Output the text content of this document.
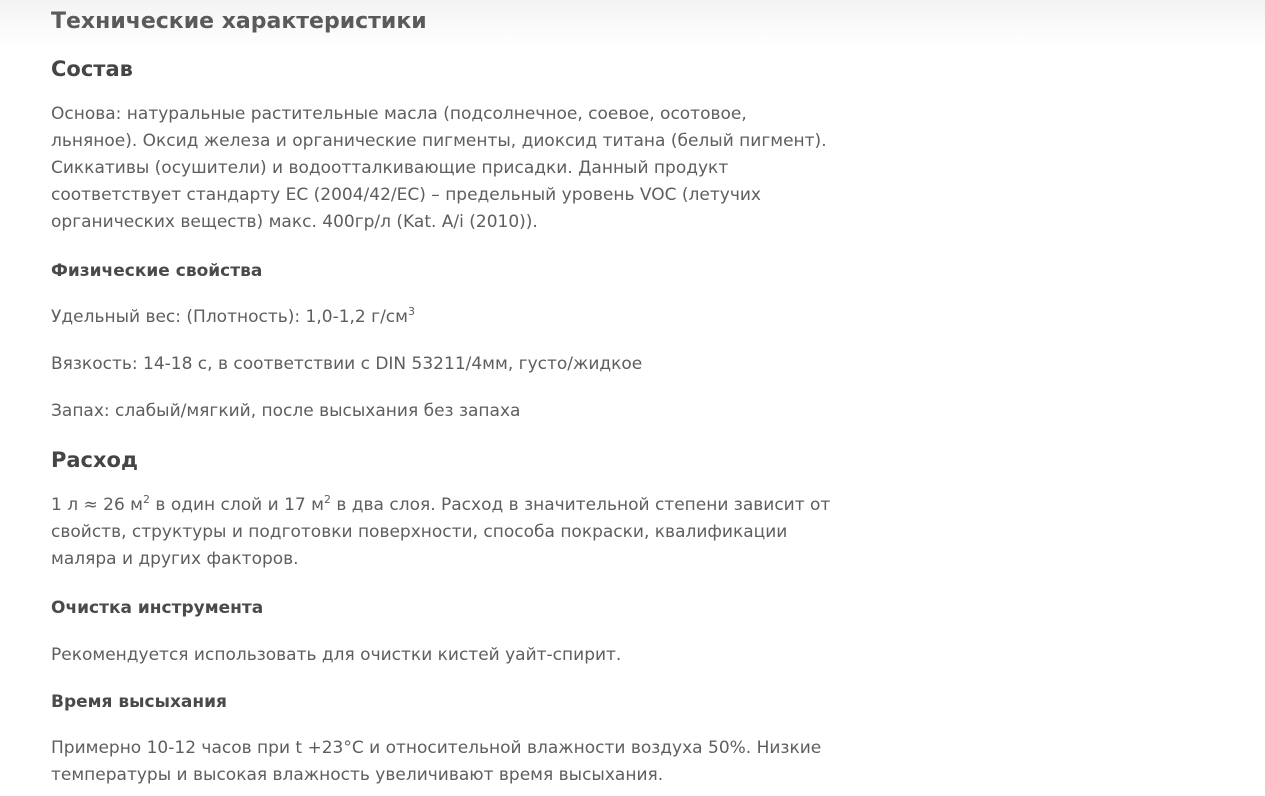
Технические характеристики
Состав

Основа: натуральные растительные масла (подсолнечное, соевое, осотовое,
льняное). Оксид железа и органические пигменты, диоксид титана (белый пигмент).
Сиккативы (осушители) и водоотталкивающие присадки. Данный продукт
соответствует стандарту ЕС (2004/42/ЕС) – предельный уровень VOC (летучих
органических веществ) макс. 400гр/л (Kat. A/i (2010)).

Физические свойства

Удельный вес: (Плотность): 1,0-1,2 $г/см^3$

Вязкость: 14-18 с, в соответствии с DIN 53211/4мм, густо/жидкое

Запах: слабый/мягкий, после высыхания без запаха

Расход

1 л ≈ 26 $м^2$ в один слой и 17 $м^2$ в два слоя. Расход в значительной степени зависит от
свойств, структуры и подготовки поверхности, способа покраски, квалификации
маляра и других факторов.

Очистка инструмента

Рекомендуется использовать для очистки кистей уайт-спирит.

Время высыхания

Примерно 10-12 часов при t +23°С и относительной влажности воздуха 50%. Низкие
температуры и высокая влажность увеличивают время высыхания.
